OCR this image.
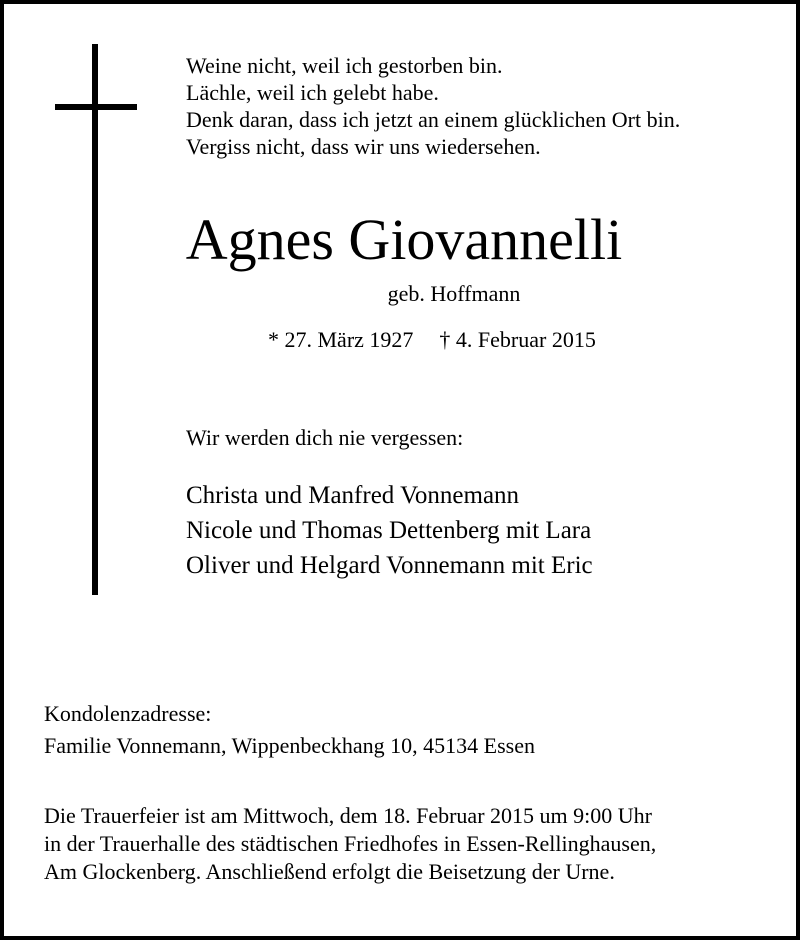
Weine nicht, weil ich gestorben bin.
Lächle, weil ich gelebt habe.
Denk daran, dass ich jetzt an einem glücklichen Ort bin.
Vergiss nicht, dass wir uns wiedersehen.
Agnes Giovannelli
geb. Hoffmann
* 27. März 1927 † 4. Februar 2015
Wir werden dich nie vergessen:
Christa und Manfred Vonnemann
Nicole und Thomas Dettenberg mit Lara
Oliver und Helgard Vonnemann mit Eric
Kondolenzadresse:
Familie Vonnemann, Wippenbeckhang 10, 45134 Essen
Die Trauerfeier ist am Mittwoch, dem 18. Februar 2015 um 9:00 Uhr
in der Trauerhalle des städtischen Friedhofes in Essen-Rellinghausen,
Am Glockenberg. Anschließend erfolgt die Beisetzung der Urne.
